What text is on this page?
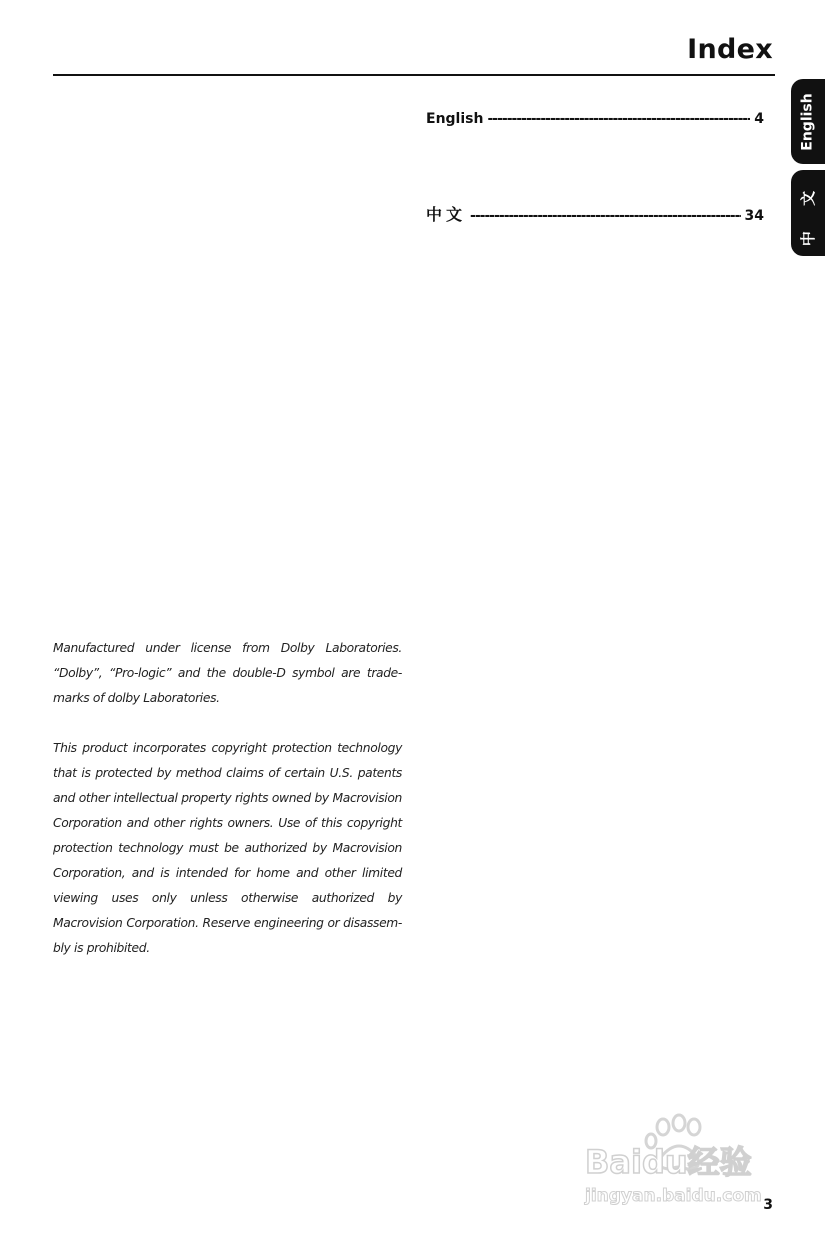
Index
English -----	4
中文 -----	34
English
中 文

Manufactured under license from Dolby Laboratories. “Dolby”, “Pro-logic” and the double-D symbol are trade-marks of dolby Laboratories.

This product incorporates copyright protection technology that is protected by method claims of certain U.S. patents and other intellectual property rights owned by Macrovision Corporation and other rights owners. Use of this copyright protection technology must be authorized by Macrovision Corporation, and is intended for home and other limited viewing uses only unless otherwise authorized by Macrovision Corporation. Reserve engineering or disassem-bly is prohibited.

Baidu经验
jingyan.baidu.com 3
